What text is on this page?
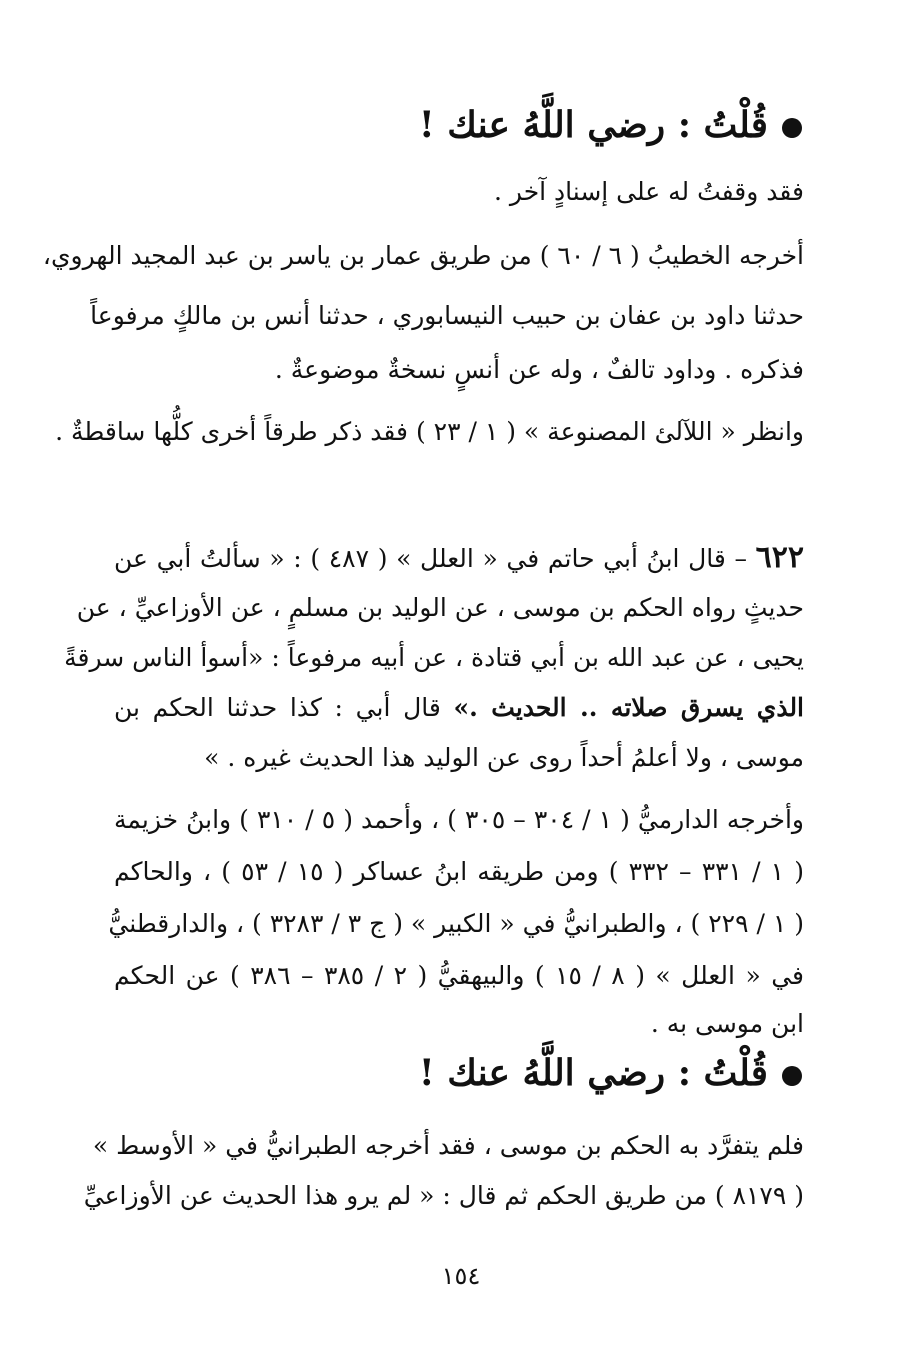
قُلْتُ : رضي اللَّهُ عنك !
فقد وقفتُ له على إسنادٍ آخر .
أخرجه الخطيبُ ( ٦ / ٦٠ ) من طريق عمار بن ياسر بن عبد المجيد الهروي،
حدثنا داود بن عفان بن حبيب النيسابوري ، حدثنا أنس بن مالكٍ مرفوعاً
فذكره . وداود تالفٌ ، وله عن أنسٍ نسخةٌ موضوعةٌ .
وانظر « اللآلئ المصنوعة » ( ١ / ٢٣ ) فقد ذكر طرقاً أخرى كلُّها ساقطةٌ .
٦٢٢ – قال ابنُ أبي حاتم في « العلل » ( ٤٨٧ ) : « سألتُ أبي عن
حديثٍ رواه الحكم بن موسى ، عن الوليد بن مسلمٍ ، عن الأوزاعيِّ ، عن
يحيى ، عن عبد الله بن أبي قتادة ، عن أبيه مرفوعاً : «أسوأ الناس سرقةً
الذي يسرق صلاته .. الحديث .» قال أبي : كذا حدثنا الحكم بن
موسى ، ولا أعلمُ أحداً روى عن الوليد هذا الحديث غيره . »
وأخرجه الدارميُّ ( ١ / ٣٠٤ – ٣٠٥ ) ، وأحمد ( ٥ / ٣١٠ ) وابنُ خزيمة
( ١ / ٣٣١ – ٣٣٢ ) ومن طريقه ابنُ عساكر ( ١٥ / ٥٣ ) ، والحاكم
( ١ / ٢٢٩ ) ، والطبرانيُّ في « الكبير » ( ج ٣ / ٣٢٨٣ ) ، والدارقطنيُّ
في « العلل » ( ٨ / ١٥ ) والبيهقيُّ ( ٢ / ٣٨٥ – ٣٨٦ ) عن الحكم
ابن موسى به .
قُلْتُ : رضي اللَّهُ عنك !
فلم يتفرَّد به الحكم بن موسى ، فقد أخرجه الطبرانيُّ في « الأوسط »
( ٨١٧٩ ) من طريق الحكم ثم قال : « لم يرو هذا الحديث عن الأوزاعيِّ
١٥٤
